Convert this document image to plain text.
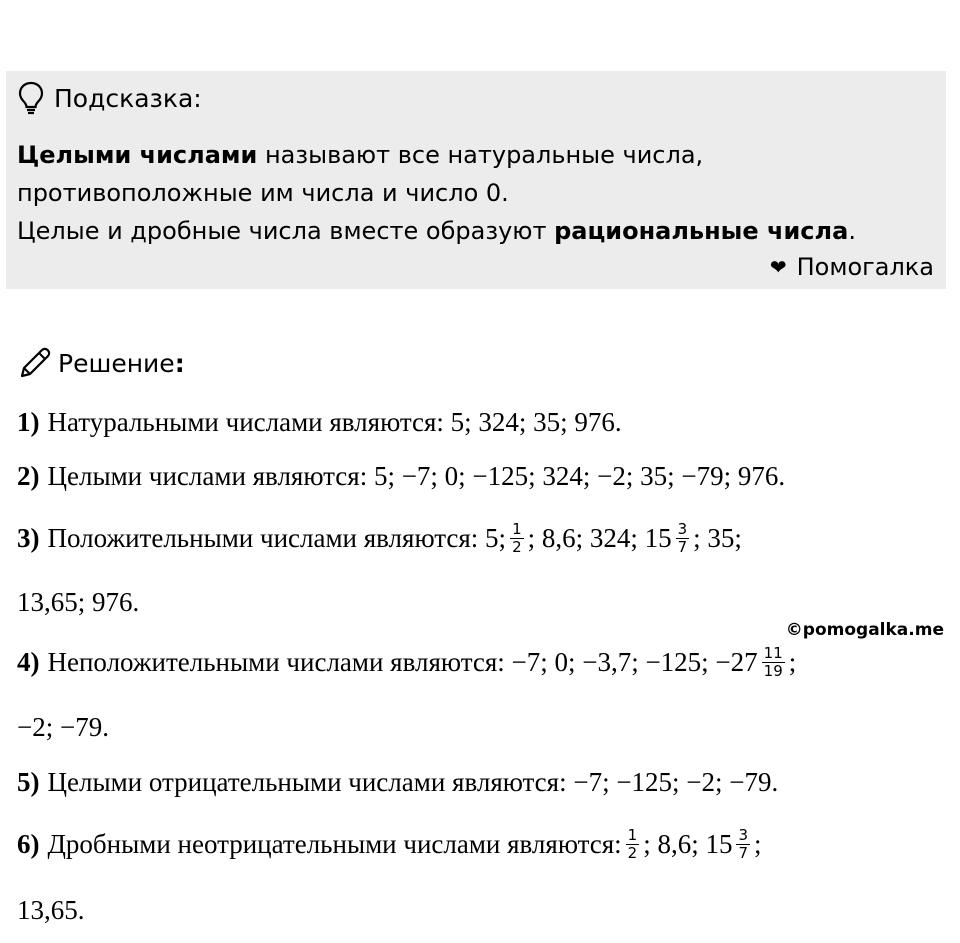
Подсказка:
Целыми числами называют все натуральные числа,
противоположные им числа и число 0.
Целые и дробные числа вместе образуют рациональные числа.
❤ Помогалка
Решение :
1) Натуральными числами являются: 5; 324; 35; 976.
2) Целыми числами являются: 5; −7; 0; −125; 324; −2; 35; −79; 976.
3) Положительными числами являются: 5; $\frac{1}{2}$ ; 8,6; 324; $15 \frac{3}{7}$ ; 35;
13,65; 976.
©pomogalka.me
4) Неположительными числами являются: −7; 0; −3,7; −125; $-27 \frac{11}{19}$ ;
−2; −79.
5) Целыми отрицательными числами являются: −7; −125; −2; −79.
6) Дробными неотрицательными числами являются: $\frac{1}{2}$ ; 8,6; $15 \frac{3}{7}$ ;
13,65.
